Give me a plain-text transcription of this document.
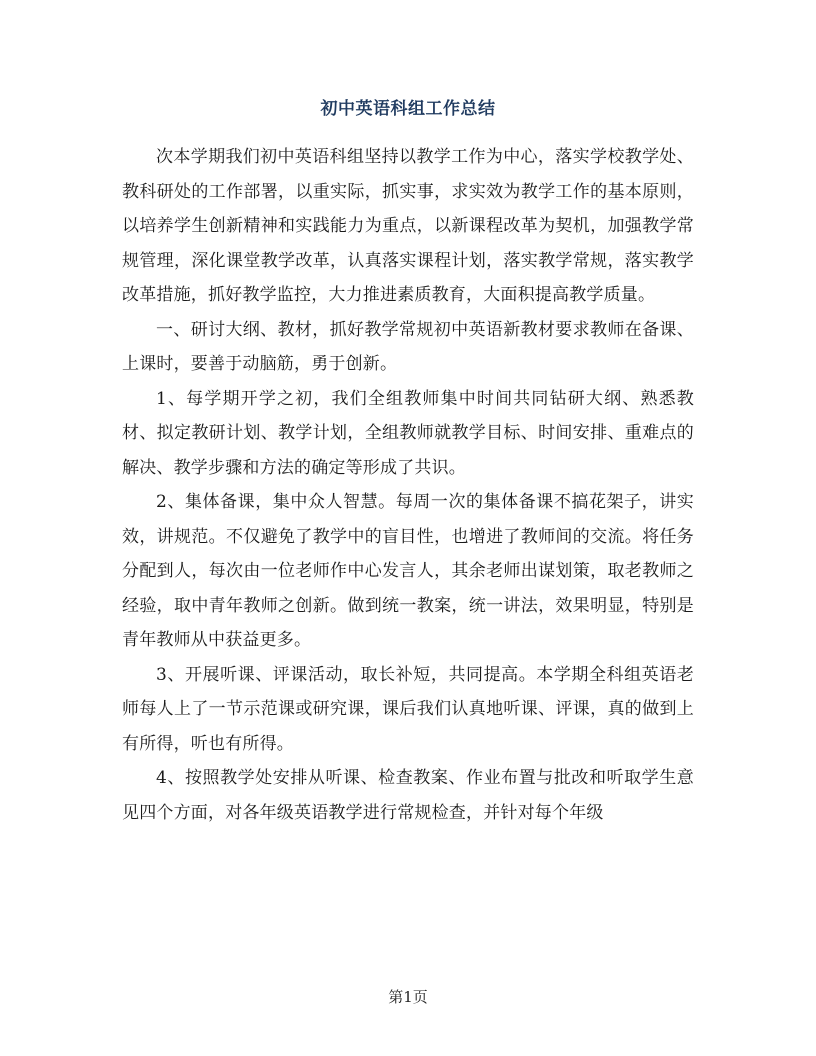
初中英语科组工作总结

次本学期我们初中英语科组坚持以教学工作为中心，落实学校教学处、教科研处的工作部署，以重实际，抓实事，求实效为教学工作的基本原则，以培养学生创新精神和实践能力为重点，以新课程改革为契机，加强教学常规管理，深化课堂教学改革，认真落实课程计划，落实教学常规，落实教学改革措施，抓好教学监控，大力推进素质教育，大面积提高教学质量。

一、研讨大纲、教材，抓好教学常规初中英语新教材要求教师在备课、上课时，要善于动脑筋，勇于创新。

1、每学期开学之初，我们全组教师集中时间共同钻研大纲、熟悉教材、拟定教研计划、教学计划，全组教师就教学目标、时间安排、重难点的解决、教学步骤和方法的确定等形成了共识。

2、集体备课，集中众人智慧。每周一次的集体备课不搞花架子，讲实效，讲规范。不仅避免了教学中的盲目性，也增进了教师间的交流。将任务分配到人，每次由一位老师作中心发言人，其余老师出谋划策，取老教师之经验，取中青年教师之创新。做到统一教案，统一讲法，效果明显，特别是青年教师从中获益更多。

3、开展听课、评课活动，取长补短，共同提高。本学期全科组英语老师每人上了一节示范课或研究课，课后我们认真地听课、评课，真的做到上有所得，听也有所得。

4、按照教学处安排从听课、检查教案、作业布置与批改和听取学生意见四个方面，对各年级英语教学进行常规检查，并针对每个年级

第1页
